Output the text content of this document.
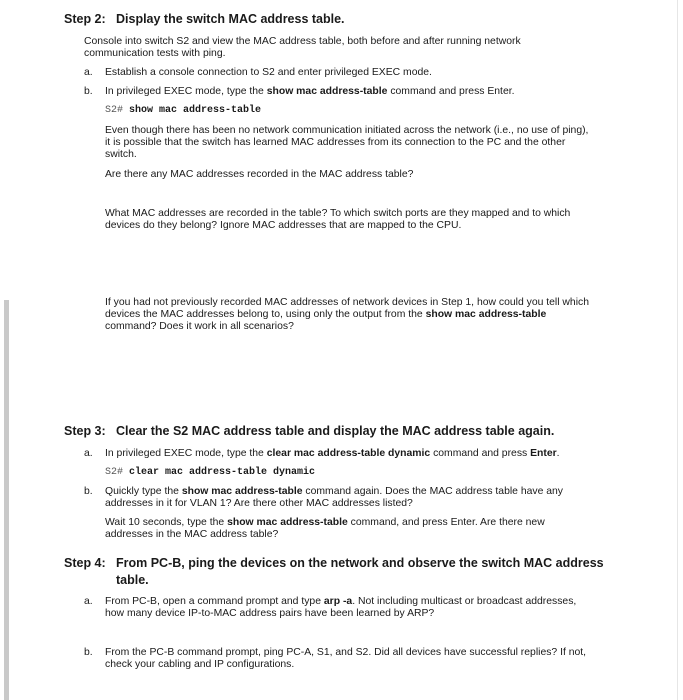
Step 2: Display the switch MAC address table.
Console into switch S2 and view the MAC address table, both before and after running network
communication tests with ping.
a. Establish a console connection to S2 and enter privileged EXEC mode.
b. In privileged EXEC mode, type the show mac address-table command and press Enter.
S2# show mac address-table
Even though there has been no network communication initiated across the network (i.e., no use of ping),
it is possible that the switch has learned MAC addresses from its connection to the PC and the other
switch.
Are there any MAC addresses recorded in the MAC address table?
What MAC addresses are recorded in the table? To which switch ports are they mapped and to which
devices do they belong? Ignore MAC addresses that are mapped to the CPU.
If you had not previously recorded MAC addresses of network devices in Step 1, how could you tell which
devices the MAC addresses belong to, using only the output from the show mac address-table
command? Does it work in all scenarios?
Step 3: Clear the S2 MAC address table and display the MAC address table again.
a. In privileged EXEC mode, type the clear mac address-table dynamic command and press Enter.
S2# clear mac address-table dynamic
b. Quickly type the show mac address-table command again. Does the MAC address table have any
addresses in it for VLAN 1? Are there other MAC addresses listed?
Wait 10 seconds, type the show mac address-table command, and press Enter. Are there new
addresses in the MAC address table?
Step 4: From PC-B, ping the devices on the network and observe the switch MAC address
table.
a. From PC-B, open a command prompt and type arp -a. Not including multicast or broadcast addresses,
how many device IP-to-MAC address pairs have been learned by ARP?
b. From the PC-B command prompt, ping PC-A, S1, and S2. Did all devices have successful replies? If not,
check your cabling and IP configurations.
